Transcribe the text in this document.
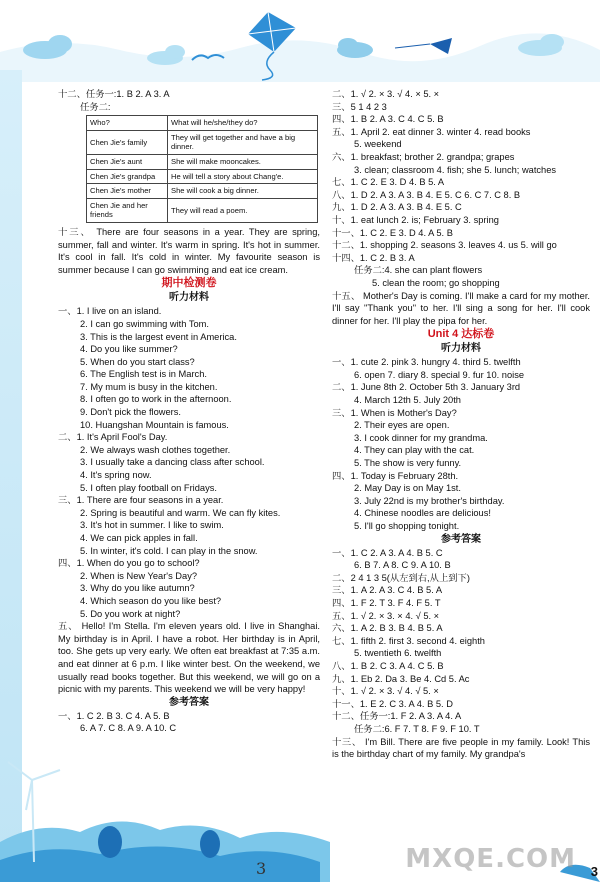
十二、任务一:1. B 2. A 3. A
任务二:
Who?	What will he/she/they do?
Chen Jie's family	They will get together and have a big dinner.
Chen Jie's aunt	She will make mooncakes.
Chen Jie's grandpa	He will tell a story about Chang'e.
Chen Jie's mother	She will cook a big dinner.
Chen Jie and her friends	They will read a poem.
十三、 There are four seasons in a year. They are spring, summer, fall and winter. It's warm in spring. It's hot in summer. It's cool in fall. It's cold in winter. My favourite season is summer because I can go swimming and eat ice cream.
期中检测卷
听力材料
一、1. I live on an island.
2. I can go swimming with Tom.
3. This is the largest event in America.
4. Do you like summer?
5. When do you start class?
6. The English test is in March.
7. My mum is busy in the kitchen.
8. I often go to work in the afternoon.
9. Don't pick the flowers.
10. Huangshan Mountain is famous.
二、1. It's April Fool's Day.
2. We always wash clothes together.
3. I usually take a dancing class after school.
4. It's spring now.
5. I often play football on Fridays.
三、1. There are four seasons in a year.
2. Spring is beautiful and warm. We can fly kites.
3. It's hot in summer. I like to swim.
4. We can pick apples in fall.
5. In winter, it's cold. I can play in the snow.
四、1. When do you go to school?
2. When is New Year's Day?
3. Why do you like autumn?
4. Which season do you like best?
5. Do you work at night?
五、 Hello! I'm Stella. I'm eleven years old. I live in Shanghai. My birthday is in April. I have a robot. Her birthday is in April, too. She gets up very early. We often eat breakfast at 7:35 a.m. and eat dinner at 6 p.m. I like winter best. On the weekend, we usually read books together. But this weekend, we will go on a picnic with my parents. This weekend we will be very happy!
参考答案
一、1. C 2. B 3. C 4. A 5. B
6. A 7. C 8. A 9. A 10. C
二、1. √ 2. × 3. √ 4. × 5. ×
三、5 1 4 2 3
四、1. B 2. A 3. C 4. C 5. B
五、1. April 2. eat dinner 3. winter 4. read books
5. weekend
六、1. breakfast; brother 2. grandpa; grapes
3. clean; classroom 4. fish; she 5. lunch; watches
七、1. C 2. E 3. D 4. B 5. A
八、1. D 2. A 3. A 3. B 4. E 5. C 6. C 7. C 8. B
九、1. D 2. A 3. A 3. B 4. E 5. C
十、1. eat lunch 2. is; February 3. spring
十一、1. C 2. E 3. D 4. A 5. B
十二、1. shopping 2. seasons 3. leaves 4. us 5. will go
十四、1. C 2. B 3. A
任务二:4. she can plant flowers
5. clean the room; go shopping
十五、 Mother's Day is coming. I'll make a card for my mother. I'll say "Thank you" to her. I'll sing a song for her. I'll cook dinner for her. I'll play the pipa for her.
Unit 4 达标卷
听力材料
一、1. cute 2. pink 3. hungry 4. third 5. twelfth
6. open 7. diary 8. special 9. fur 10. noise
二、1. June 8th 2. October 5th 3. January 3rd
4. March 12th 5. July 20th
三、1. When is Mother's Day?
2. Their eyes are open.
3. I cook dinner for my grandma.
4. They can play with the cat.
5. The show is very funny.
四、1. Today is February 28th.
2. May Day is on May 1st.
3. July 22nd is my brother's birthday.
4. Chinese noodles are delicious!
5. I'll go shopping tonight.
参考答案
一、1. C 2. A 3. A 4. B 5. C
6. B 7. A 8. C 9. A 10. B
二、2 4 1 3 5(从左到右,从上到下)
三、1. A 2. A 3. C 4. B 5. A
四、1. F 2. T 3. F 4. F 5. T
五、1. √ 2. × 3. × 4. √ 5. ×
六、1. A 2. B 3. B 4. B 5. A
七、1. fifth 2. first 3. second 4. eighth
5. twentieth 6. twelfth
八、1. B 2. C 3. A 4. C 5. B
九、1. Eb 2. Da 3. Be 4. Cd 5. Ac
十、1. √ 2. × 3. √ 4. √ 5. ×
十一、1. E 2. C 3. A 4. B 5. D
十二、任务一:1. F 2. A 3. A 4. A
任务二:6. F 7. T 8. F 9. F 10. T
十三、 I'm Bill. There are five people in my family. Look! This is the birthday chart of my family. My grandpa's
3	MXQE.COM 3
